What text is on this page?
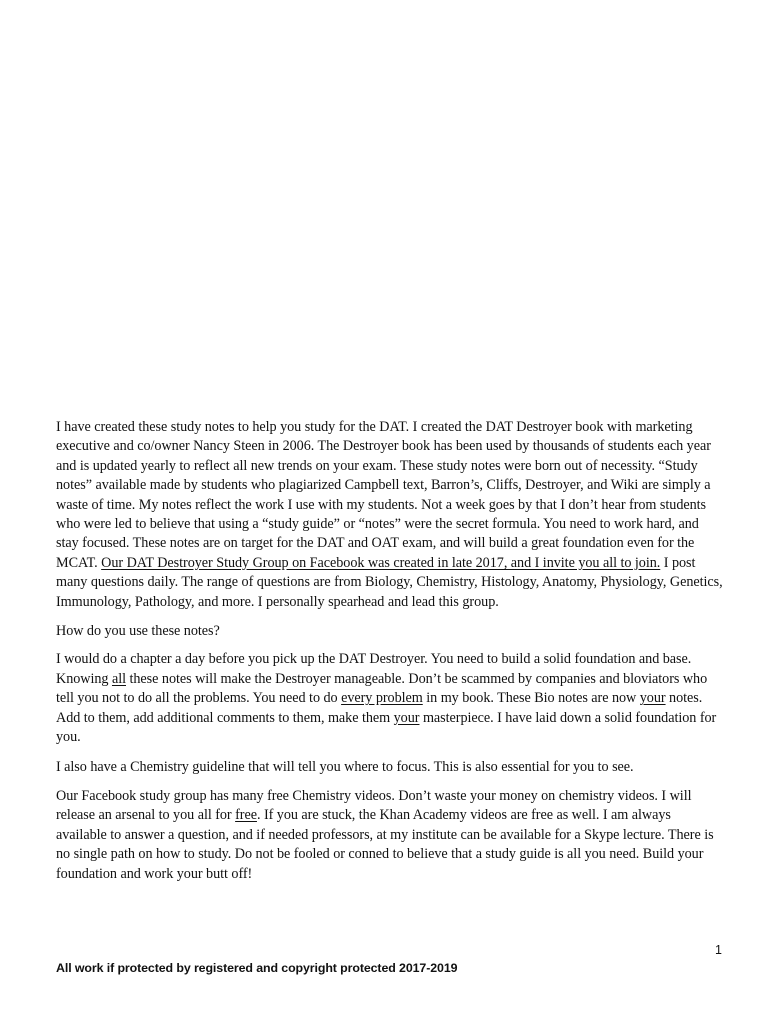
I have created these study notes to help you study for the DAT. I created the DAT Destroyer book with marketing executive and co/owner Nancy Steen in 2006. The Destroyer book has been used by thousands of students each year and is updated yearly to reflect all new trends on your exam. These study notes were born out of necessity. “Study notes” available made by students who plagiarized Campbell text, Barron’s, Cliffs, Destroyer, and Wiki are simply a waste of time. My notes reflect the work I use with my students. Not a week goes by that I don’t hear from students who were led to believe that using a “study guide” or “notes” were the secret formula. You need to work hard, and stay focused. These notes are on target for the DAT and OAT exam, and will build a great foundation even for the MCAT. Our DAT Destroyer Study Group on Facebook was created in late 2017, and I invite you all to join. I post many questions daily. The range of questions are from Biology, Chemistry, Histology, Anatomy, Physiology, Genetics, Immunology, Pathology, and more. I personally spearhead and lead this group.

How do you use these notes?

I would do a chapter a day before you pick up the DAT Destroyer. You need to build a solid foundation and base. Knowing all these notes will make the Destroyer manageable. Don’t be scammed by companies and bloviators who tell you not to do all the problems. You need to do every problem in my book. These Bio notes are now your notes. Add to them, add additional comments to them, make them your masterpiece. I have laid down a solid foundation for you.

I also have a Chemistry guideline that will tell you where to focus. This is also essential for you to see.

Our Facebook study group has many free Chemistry videos. Don’t waste your money on chemistry videos. I will release an arsenal to you all for free. If you are stuck, the Khan Academy videos are free as well. I am always available to answer a question, and if needed professors, at my institute can be available for a Skype lecture. There is no single path on how to study. Do not be fooled or conned to believe that a study guide is all you need. Build your foundation and work your butt off!

1
All work if protected by registered and copyright protected 2017-2019
